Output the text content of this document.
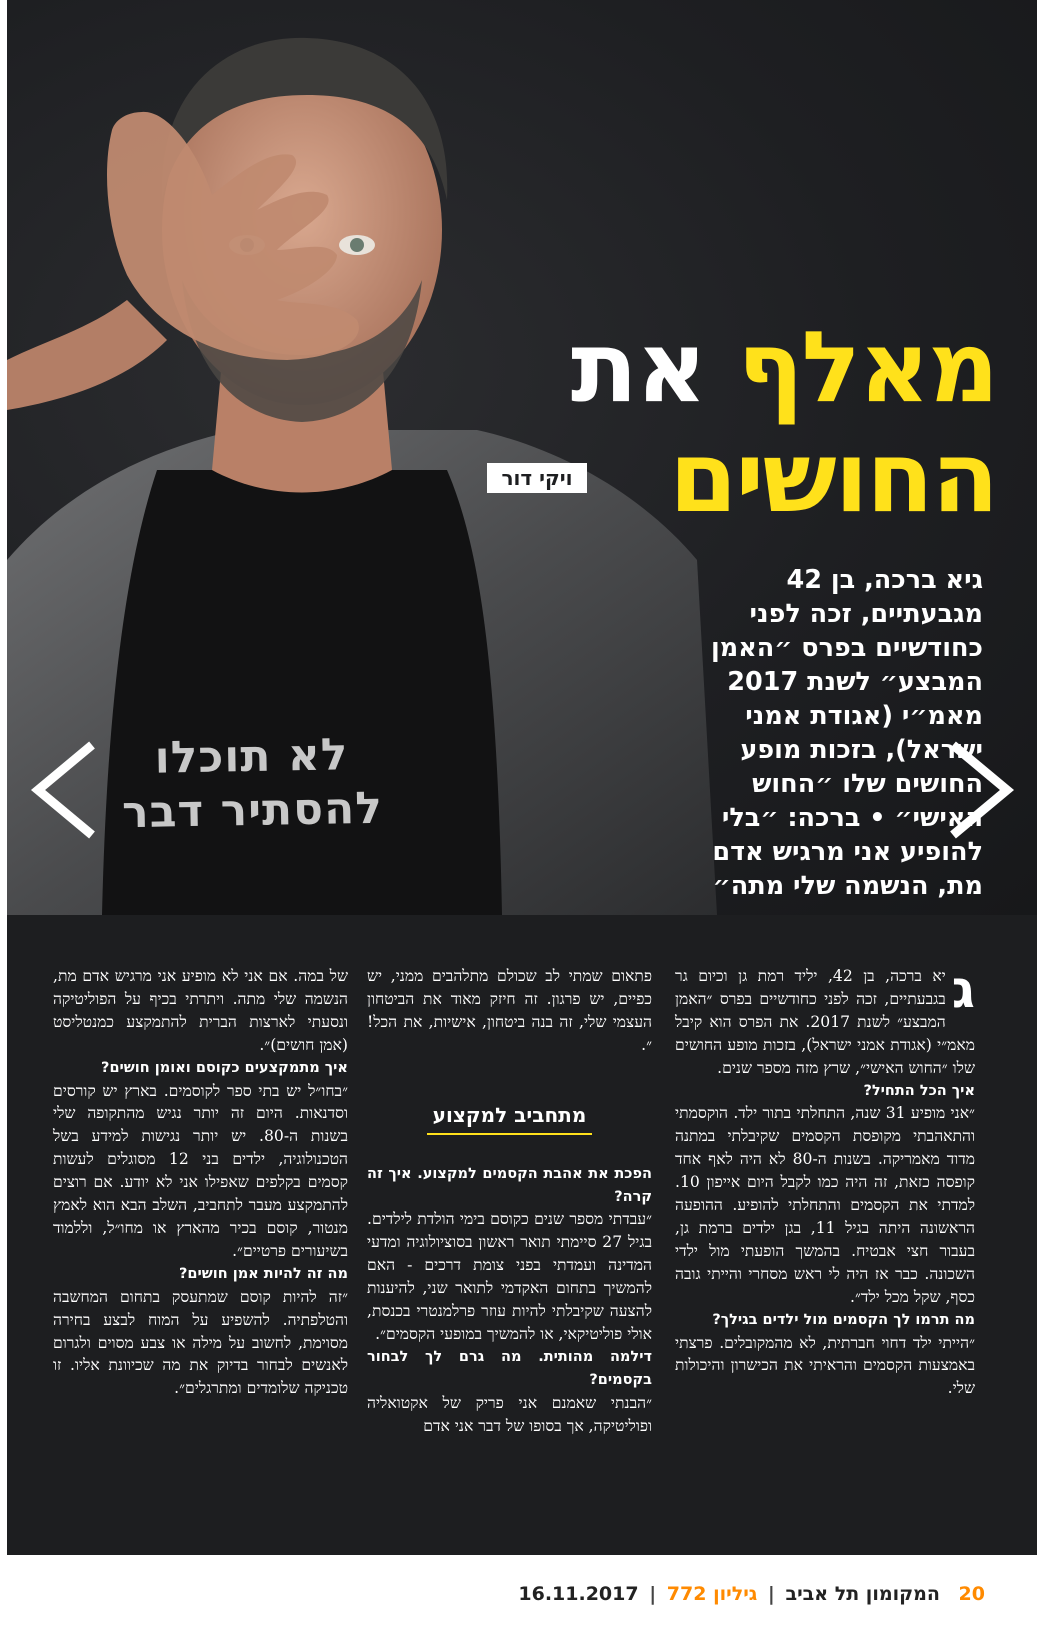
לא תוכלו
להסתיר דבר
מאלף את
החושים
ויקי דור
גיא ברכה, בן 42 מגבעתיים, זכה לפני כחודשיים בפרס ״האמן המבצע״ לשנת 2017 מאמ״י (אגודת אמני ישראל), בזכות מופע החושים שלו ״החוש האישי״ • ברכה: ״בלי להופיע אני מרגיש אדם מת, הנשמה שלי מתה״
ג

יא ברכה, בן 42, יליד רמת גן וכיום גר בגבעתיים, זכה לפני כחודשיים בפרס ״האמן המבצע״ לשנת 2017. את הפרס הוא קיבל מאמ״י (אגודת אמני ישראל), בזכות מופע החושים שלו ״החוש האישי״, שרץ מזה מספר שנים.

איך הכל התחיל?

״אני מופיע 31 שנה, התחלתי בתור ילד. הוקסמתי והתאהבתי מקופסת הקסמים שקיבלתי במתנה מדוד מאמריקה. בשנות ה-80 לא היה לאף אחד קופסה כזאת, זה היה כמו לקבל היום אייפון 10. למדתי את הקסמים והתחלתי להופיע. ההופעה הראשונה היתה בגיל 11, בגן ילדים ברמת גן, בעבור חצי אבטיח. בהמשך הופעתי מול ילדי השכונה. כבר אז היה לי ראש מסחרי והייתי גובה כסף, שקל מכל ילד״.

מה תרמו לך הקסמים מול ילדים בגילך?

״הייתי ילד דחוי חברתית, לא מהמקובלים. פרצתי באמצעות הקסמים והראיתי את הכישרון והיכולות שלי.

פתאום שמתי לב שכולם מתלהבים ממני, יש כפיים, יש פרגון. זה חיזק מאוד את הביטחון העצמי שלי, זה בנה ביטחון, אישיות, את הכל!״.

מתחביב למקצוע

הפכת את אהבת הקסמים למקצוע. איך זה קרה?

״עבדתי מספר שנים כקוסם בימי הולדת לילדים. בגיל 27 סיימתי תואר ראשון בסוציולוגיה ומדעי המדינה ועמדתי בפני צומת דרכים - האם להמשיך בתחום האקדמי לתואר שני, להיענות להצעה שקיבלתי להיות עוזר פרלמנטרי בכנסת, אולי פוליטיקאי, או להמשיך במופעי הקסמים״.

דילמה מהותית. מה גרם לך לבחור בקסמים?

״הבנתי שאמנם אני פריק של אקטואליה ופוליטיקה, אך בסופו של דבר אני אדם

של במה. אם אני לא מופיע אני מרגיש אדם מת, הנשמה שלי מתה. ויתרתי בכיף על הפוליטיקה ונסעתי לארצות הברית להתמקצע כמנטליסט (אמן חושים)״.

איך מתמקצעים כקוסם ואומן חושים?

״בחו״ל יש בתי ספר לקוסמים. בארץ יש קורסים וסדנאות. היום זה יותר נגיש מהתקופה שלי בשנות ה-80. יש יותר נגישות למידע בשל הטכנולוגיה, ילדים בני 12 מסוגלים לעשות קסמים בקלפים שאפילו אני לא יודע. אם רוצים להתמקצע מעבר לתחביב, השלב הבא הוא לאמץ מנטור, קוסם בכיר מהארץ או מחו״ל, וללמוד בשיעורים פרטיים״.

מה זה להיות אמן חושים?

״זה להיות קוסם שמתעסק בתחום המחשבה והטלפתיה. להשפיע על המוח לבצע בחירה מסוימת, לחשוב על מילה או צבע מסוים ולגרום לאנשים לבחור בדיוק את מה שכיוונת אליו. זו טכניקה שלומדים ומתרגלים״.

20 המקומון תל אביב | גיליון 772 | 16.11.2017
